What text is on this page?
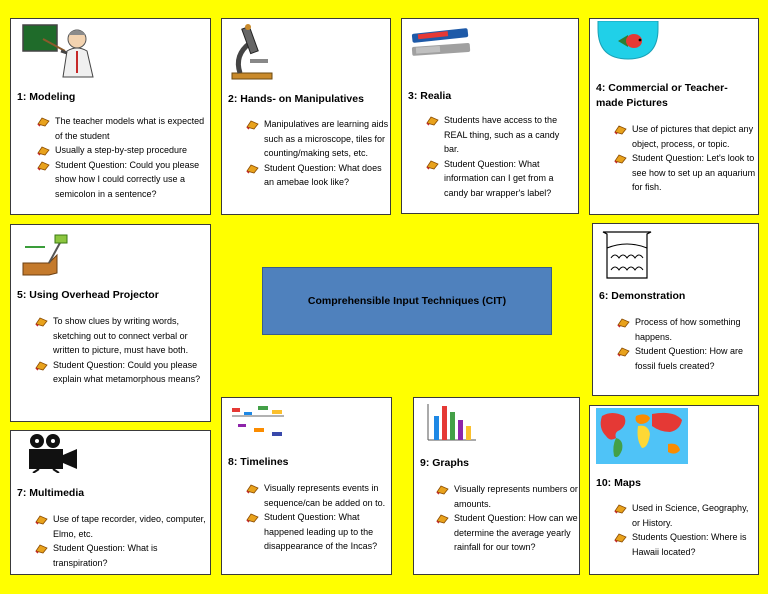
1: Modeling
The teacher models what is expected of the student
Usually a step-by-step procedure
Student Question: Could you please show how I could correctly use a semicolon in a sentence?
2: Hands- on Manipulatives
Manipulatives are learning aids such as a microscope, tiles for counting/making sets, etc.
Student Question: What does an amebae look like?
3: Realia
Students have access to the REAL thing, such as a candy bar.
Student Question: What information can I get from a candy bar wrapper's label?
4: Commercial or Teacher-made Pictures
Use of pictures that depict any object, process, or topic.
Student Question: Let's look to see how to set up an aquarium for fish.
5: Using Overhead Projector
To show clues by writing words, sketching out to connect verbal or written to picture, must have both.
Student Question: Could you please explain what metamorphous means?
Comprehensible Input Techniques (CIT)	6: Demonstration
Process of how something happens.
Student Question: How are fossil fuels created?
7: Multimedia
Use of tape recorder, video, computer, Elmo, etc.
Student Question: What is transpiration?
8: Timelines
Visually represents events in sequence/can be added on to.
Student Question: What happened leading up to the disappearance of the Incas?
9: Graphs
Visually represents numbers or amounts.
Student Question: How can we determine the average yearly rainfall for our town?
10: Maps
Used in Science, Geography, or History.
Students Question: Where is Hawaii located?
